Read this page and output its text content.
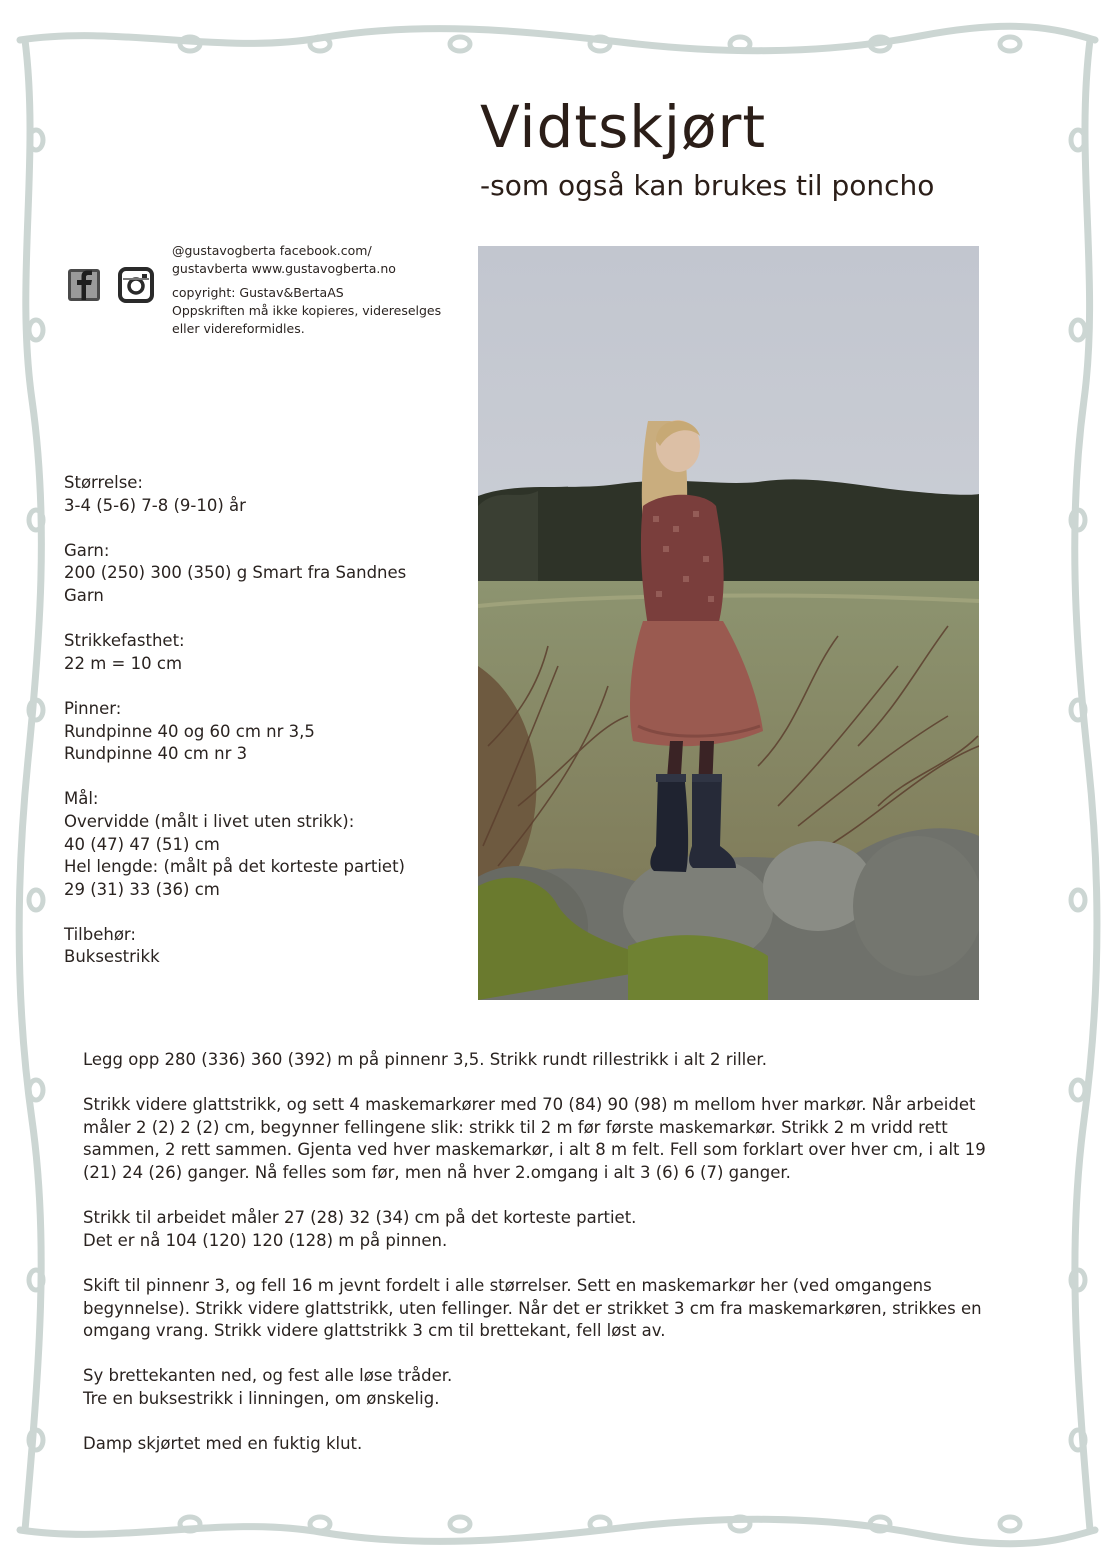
Vidtskjørt
-som også kan brukes til poncho

@gustavogberta facebook.com/

gustavberta www.gustavogberta.no

copyright: Gustav&BertaAS

Oppskriften må ikke kopieres, videreselges

eller videreformidles.

Størrelse:
3-4 (5-6) 7-8 (9-10) år
Garn:
200 (250) 300 (350) g Smart fra Sandnes
Garn
Strikkefasthet:
22 m = 10 cm
Pinner:
Rundpinne 40 og 60 cm nr 3,5
Rundpinne 40 cm nr 3
Mål:
Overvidde (målt i livet uten strikk):
40 (47) 47 (51) cm
Hel lengde: (målt på det korteste partiet)
29 (31) 33 (36) cm
Tilbehør:
Buksestrikk

Legg opp 280 (336) 360 (392) m på pinnenr 3,5. Strikk rundt rillestrikk i alt 2 riller.

Strikk videre glattstrikk, og sett 4 maskemarkører med 70 (84) 90 (98) m mellom hver markør. Når arbeidet
måler 2 (2) 2 (2) cm, begynner fellingene slik: strikk til 2 m før første maskemarkør. Strikk 2 m vridd rett
sammen, 2 rett sammen. Gjenta ved hver maskemarkør, i alt 8 m felt. Fell som forklart over hver cm, i alt 19
(21) 24 (26) ganger. Nå felles som før, men nå hver 2.omgang i alt 3 (6) 6 (7) ganger.

Strikk til arbeidet måler 27 (28) 32 (34) cm på det korteste partiet.
Det er nå 104 (120) 120 (128) m på pinnen.

Skift til pinnenr 3, og fell 16 m jevnt fordelt i alle størrelser. Sett en maskemarkør her (ved omgangens
begynnelse). Strikk videre glattstrikk, uten fellinger. Når det er strikket 3 cm fra maskemarkøren, strikkes en
omgang vrang. Strikk videre glattstrikk 3 cm til brettekant, fell løst av.

Sy brettekanten ned, og fest alle løse tråder.
Tre en buksestrikk i linningen, om ønskelig.

Damp skjørtet med en fuktig klut.
